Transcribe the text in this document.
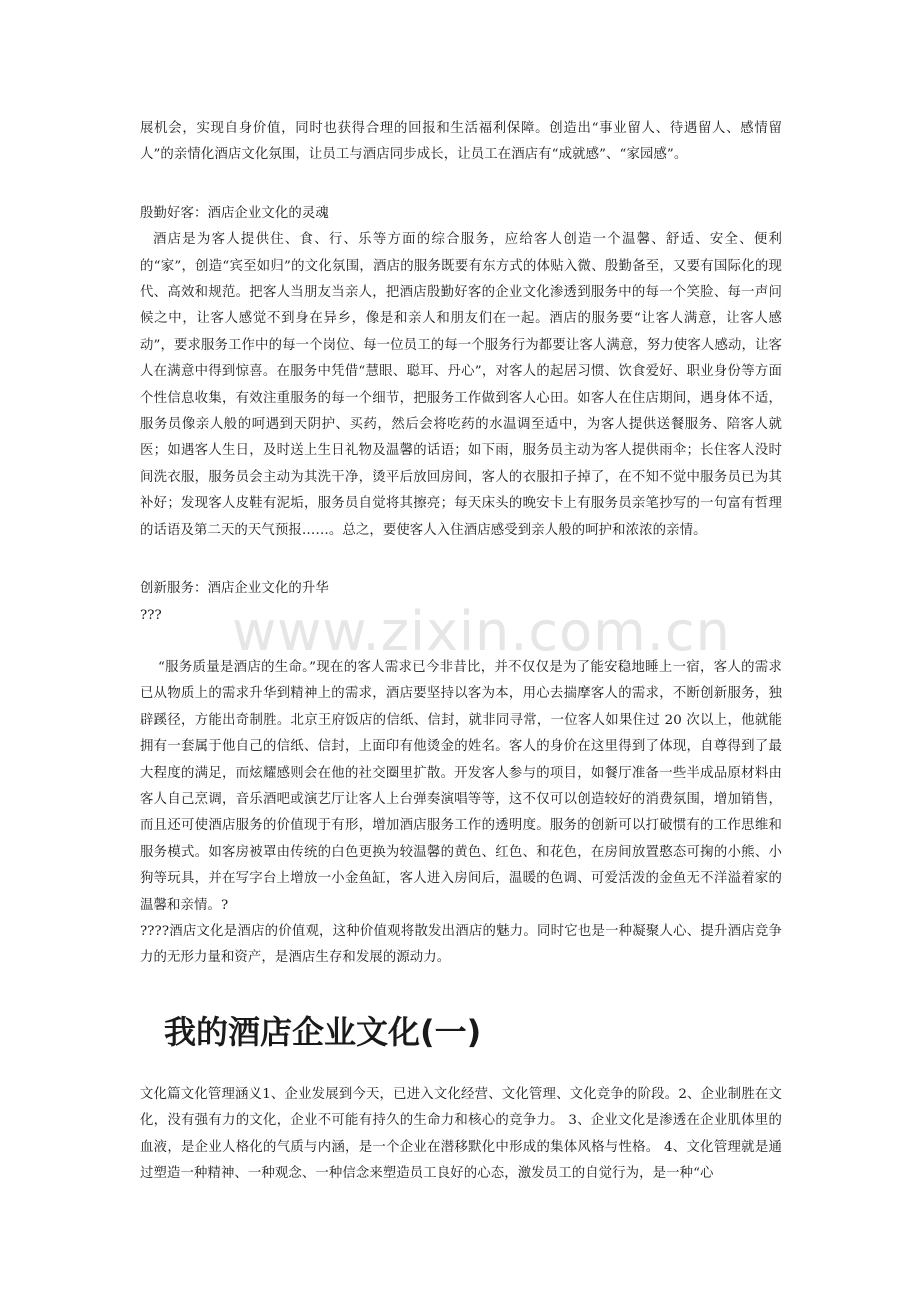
www.zixin.com.cn

展机会，实现自身价值，同时也获得合理的回报和生活福利保障。创造出“事业留人、待遇留人、感情留人”的亲情化酒店文化氛围，让员工与酒店同步成长，让员工在酒店有“成就感”、“家园感”。

殷勤好客：酒店企业文化的灵魂

酒店是为客人提供住、食、行、乐等方面的综合服务，应给客人创造一个温馨、舒适、安全、便利的“家”，创造“宾至如归”的文化氛围，酒店的服务既要有东方式的体贴入微、殷勤备至，又要有国际化的现代、高效和规范。把客人当朋友当亲人，把酒店殷勤好客的企业文化渗透到服务中的每一个笑脸、每一声问候之中，让客人感觉不到身在异乡，像是和亲人和朋友们在一起。酒店的服务要“让客人满意，让客人感动”，要求服务工作中的每一个岗位、每一位员工的每一个服务行为都要让客人满意，努力使客人感动，让客人在满意中得到惊喜。在服务中凭借“慧眼、聪耳、丹心”，对客人的起居习惯、饮食爱好、职业身份等方面个性信息收集，有效注重服务的每一个细节，把服务工作做到客人心田。如客人在住店期间，遇身体不适，服务员像亲人般的呵遇到天阴护、买药，然后会将吃药的水温调至适中，为客人提供送餐服务、陪客人就医；如遇客人生日，及时送上生日礼物及温馨的话语；如下雨，服务员主动为客人提供雨伞；长住客人没时间洗衣服，服务员会主动为其洗干净，烫平后放回房间，客人的衣服扣子掉了，在不知不觉中服务员已为其补好；发现客人皮鞋有泥垢，服务员自觉将其擦亮；每天床头的晚安卡上有服务员亲笔抄写的一句富有哲理的话语及第二天的天气预报……。总之，要使客人入住酒店感受到亲人般的呵护和浓浓的亲情。

创新服务：酒店企业文化的升华

???

“服务质量是酒店的生命。”现在的客人需求已今非昔比，并不仅仅是为了能安稳地睡上一宿，客人的需求已从物质上的需求升华到精神上的需求，酒店要坚持以客为本，用心去揣摩客人的需求，不断创新服务，独辟蹊径，方能出奇制胜。北京王府饭店的信纸、信封，就非同寻常，一位客人如果住过 20 次以上，他就能拥有一套属于他自己的信纸、信封，上面印有他烫金的姓名。客人的身价在这里得到了体现，自尊得到了最大程度的满足，而炫耀感则会在他的社交圈里扩散。开发客人参与的项目，如餐厅准备一些半成品原材料由客人自己烹调，音乐酒吧或演艺厅让客人上台弹奏演唱等等，这不仅可以创造较好的消费氛围，增加销售，而且还可使酒店服务的价值现于有形，增加酒店服务工作的透明度。服务的创新可以打破惯有的工作思维和服务模式。如客房被罩由传统的白色更换为较温馨的黄色、红色、和花色，在房间放置憨态可掬的小熊、小狗等玩具，并在写字台上增放一小金鱼缸，客人进入房间后，温暖的色调、可爱活泼的金鱼无不洋溢着家的温馨和亲情。?

????酒店文化是酒店的价值观，这种价值观将散发出酒店的魅力。同时它也是一种凝聚人心、提升酒店竞争力的无形力量和资产，是酒店生存和发展的源动力。

我的酒店企业文化(一)

文化篇文化管理涵义1、企业发展到今天，已进入文化经营、文化管理、文化竞争的阶段。2、企业制胜在文化，没有强有力的文化，企业不可能有持久的生命力和核心的竞争力。 3、企业文化是渗透在企业肌体里的血液，是企业人格化的气质与内涵，是一个企业在潜移默化中形成的集体风格与性格。 4、文化管理就是通过塑造一种精神、一种观念、一种信念来塑造员工良好的心态，激发员工的自觉行为，是一种“心
